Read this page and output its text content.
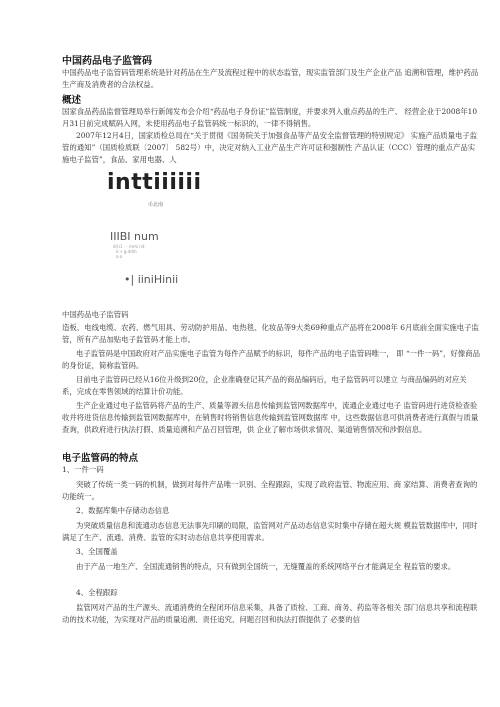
中国药品电子监管码

中国药品电子监管码管理系统是针对药品在生产及流程过程中的状态监管，现实监管部门及生产企业产品 追溯和管理，维护药品生产商及消费者的合法权益。

概述

国家食品药品监督管理局举行新闻发布会介绍“药品电子身份证”监管制度，并要求列入重点药品的生产、 经营企业于2008年10月31日前完成赋码入网，未使用药品电子监管码统一标识的，一律不得销售。

2007年12月4日，国家质检总局在“关于贯彻《国务院关于加强食品等产品安全监督管理的特别规定》 实施产品质量电子监管的通知”（国质检质联〔2007〕 582号）中，决定对纳入工业产品生产许可证和强制性 产品认证（CCC）管理的重点产品实施电子监管”，食品、家用电器、人

inttiiiiii

币北南

IIIBI num

dil·i1 · · mmi nit

k:·r g.ddm

a·a

•| iiniHinii

中国药品电子监管码

造板、电线电缆、农药、燃气用具、劳动防护用品、电热毯、化妆品等9大类69种重点产品将在2008年 6月底前全面实施电子监管，所有产品加贴电子监管码才能上市。

电子监管码是中国政府对产品实施电子监管为每件产品赋予的标识，每件产品的电子监管码唯一， 即 “一件一码”，好像商品的身份证，简称监管码。

目前电子监管码已经从16位升级到20位，企业准确登记其产品的商品编码后，电子监管码可以建立 与商品编码的对应关系，完成在零售领域的结算计价功能。

生产企业通过电子监管码将产品的生产、质量等源头信息传输到监管网数据库中，流通企业通过电子 监管码进行进货检查验收并将进货信息传输到监管网数据库中，在销售时将销售信息传输到监管网数据库 中，这些数据信息可供消费者进行真假与质量查询，供政府进行执法打假、质量追溯和产品召回管理，供 企业了解市场供求情况、渠道销售情况和涉假信息。

电子监管码的特点

1、一件一码

突破了传统一类一码的机制，做到对每件产品唯一识别、全程跟踪，实现了政府监管、物流应用、商 家结算、消费者查询的功能统一。

2、数据库集中存储动态信息

为突破质量信息和流通动态信息无法事先印刷的局限，监管网对产品动态信息实时集中存储在超大规 模监管数据库中，同时满足了生产、流通、消费、监管的实时动态信息共享使用需求。

3、全国覆盖

由于产品一地生产、全国流通销售的特点，只有做到全国统一，无缝覆盖的系统网络平台才能满足全 程监管的要求。

4、全程跟踪

监管网对产品的生产源头、流通消费的全程闭环信息采集，具备了质检、工商、商务、药监等各相关 部门信息共享和流程联动的技术功能，为实现对产品的质量追溯、责任追究、问题召回和执法打假提供了 必要的信
